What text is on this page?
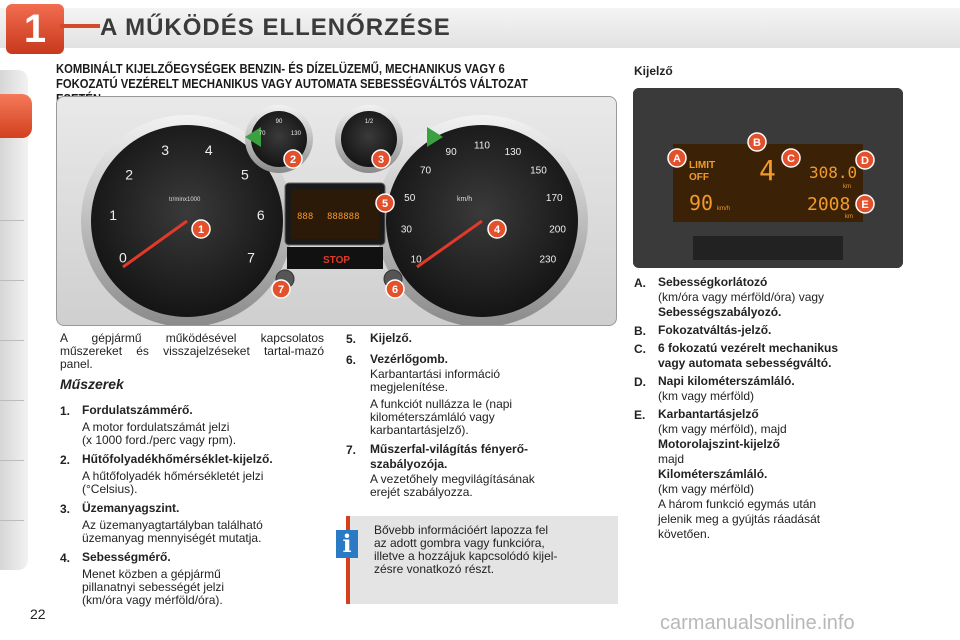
1	A MŰKÖDÉS ELLENŐRZÉSE
KOMBINÁLT KIJELZŐEGYSÉGEK BENZIN- ÉS DÍZELÜZEMŰ, MECHANIKUS VAGY 6 FOKOZATÚ VEZÉRELT MECHANIKUS VAGY AUTOMATA SEBESSÉGVÁLTÓS VÁLTOZAT
Kijelző
888 888888
STOP
tr/minx1000	km/h
0
1
2
3	4
5
6
7	10
30
50
70
90
110
130
150
170
200
230
70
90
130
1/2
1
2	3
4
5
6
7
LIMIT
OFF 4 308.0
km
90 km/h	2008
km
A
B
C	D
E
A gépjármű működésével kapcsolatos műszereket és visszajelzéseket tartal-mazó panel.
Műszerek
1. Fordulatszámmérő.
A motor fordulatszámát jelzi
(x 1000 ford./perc vagy rpm).
2. Hűtőfolyadékhőmérséklet-kijelző.
A hűtőfolyadék hőmérsékletét jelzi
(°Celsius).
3. Üzemanyagszint.
Az üzemanyagtartályban található
üzemanyag mennyiségét mutatja.
4. Sebességmérő.
Menet közben a gépjármű
pillanatnyi sebességét jelzi
(km/óra vagy mérföld/óra).
5. Kijelző.
6. Vezérlőgomb.
Karbantartási információ
megjelenítése.
A funkciót nullázza le (napi
kilométerszámláló vagy
karbantartásjelző).
7. Műszerfal-világítás fényerő-
szabályozója.
A vezetőhely megvilágításának
erejét szabályozza.
Bővebb információért lapozza fel
az adott gombra vagy funkcióra,
illetve a hozzájuk kapcsolódó kijel-
zésre vonatkozó részt.
i
A. Sebességkorlátozó
(km/óra vagy mérföld/óra) vagy
Sebességszabályozó.
B. Fokozatváltás-jelző.
C. 6 fokozatú vezérelt mechanikus
vagy automata sebességváltó.
D. Napi kilométerszámláló.
(km vagy mérföld)
E. Karbantartásjelző
(km vagy mérföld), majd
Motorolajszint-kijelző
majd
Kilométerszámláló.
(km vagy mérföld)
A három funkció egymás után
jelenik meg a gyújtás ráadását
követően.
22	carmanualsonline.info
